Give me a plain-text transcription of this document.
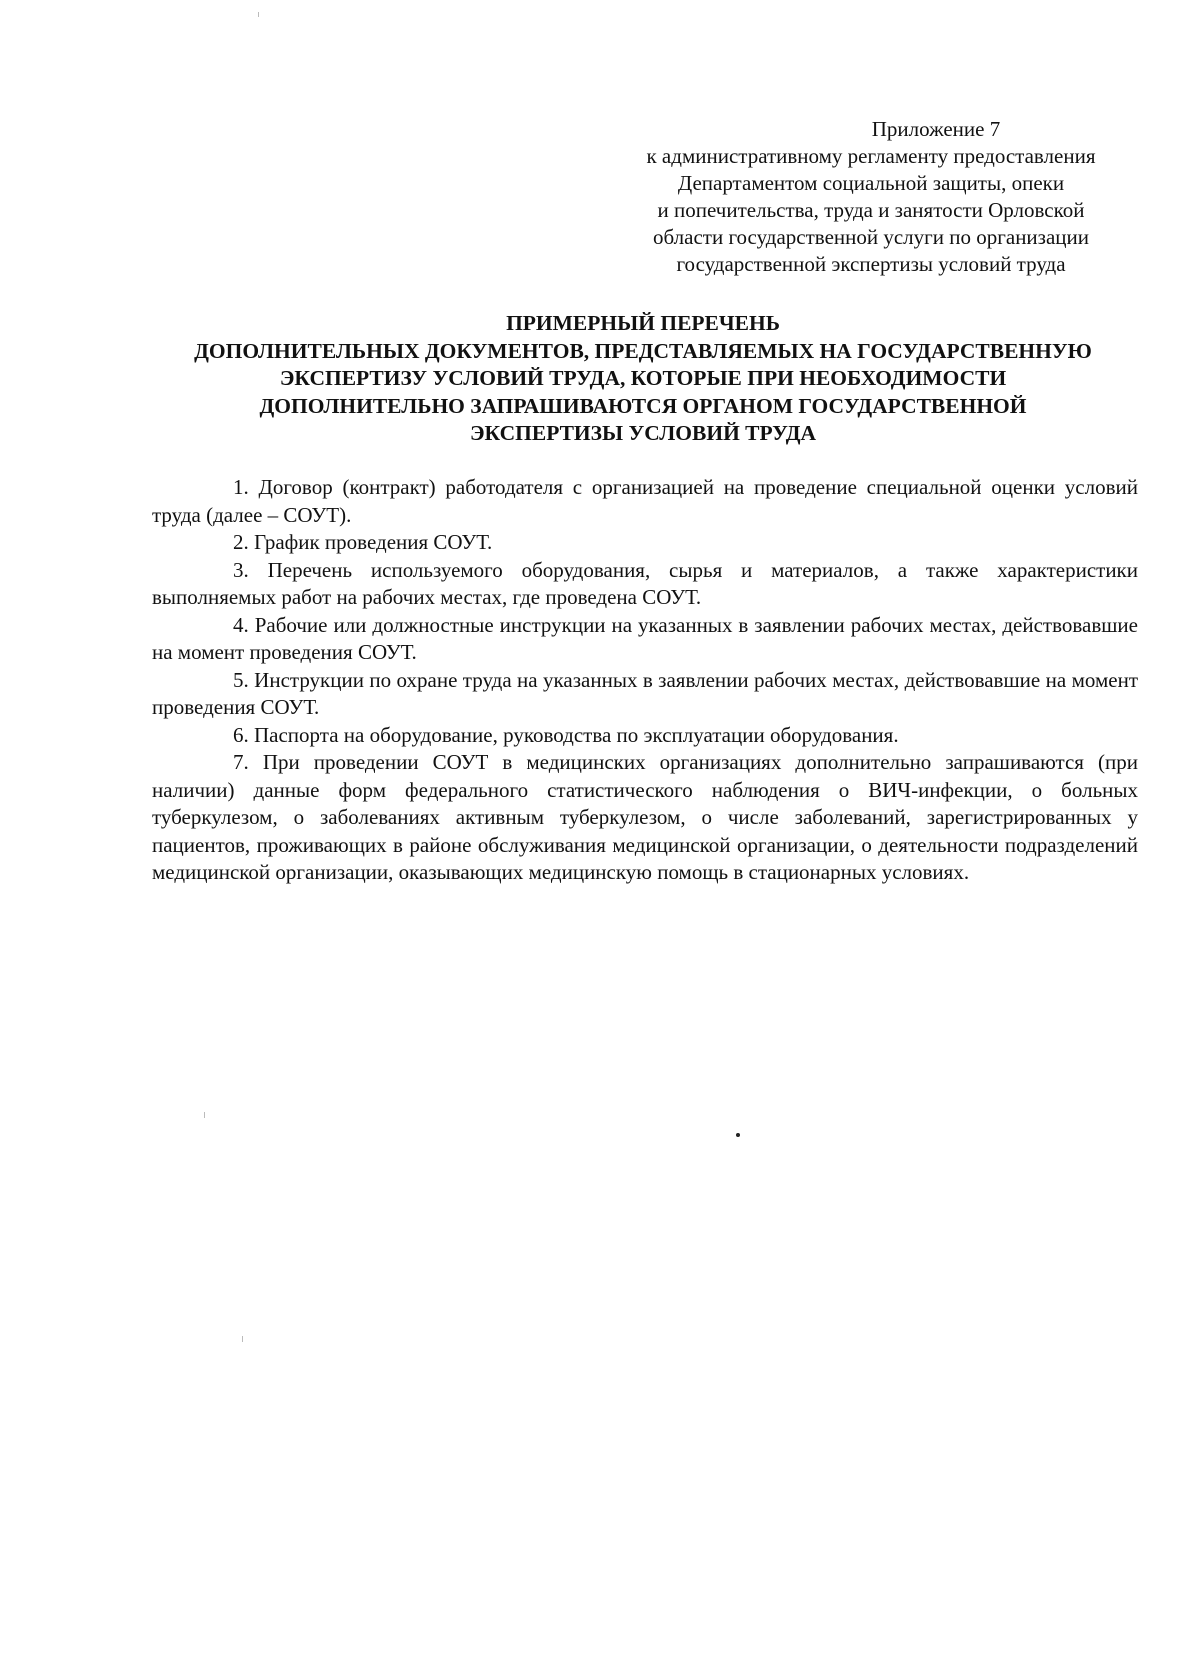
Приложение 7
к административному регламенту предоставления
Департаментом социальной защиты, опеки
и попечительства, труда и занятости Орловской
области государственной услуги по организации
государственной экспертизы условий труда
ПРИМЕРНЫЙ ПЕРЕЧЕНЬ
ДОПОЛНИТЕЛЬНЫХ ДОКУМЕНТОВ, ПРЕДСТАВЛЯЕМЫХ НА ГОСУДАРСТВЕННУЮ
ЭКСПЕРТИЗУ УСЛОВИЙ ТРУДА, КОТОРЫЕ ПРИ НЕОБХОДИМОСТИ
ДОПОЛНИТЕЛЬНО ЗАПРАШИВАЮТСЯ ОРГАНОМ ГОСУДАРСТВЕННОЙ
ЭКСПЕРТИЗЫ УСЛОВИЙ ТРУДА

1. Договор (контракт) работодателя с организацией на проведение специальной оценки условий труда (далее – СОУТ).

2. График проведения СОУТ.

3. Перечень используемого оборудования, сырья и материалов, а также характеристики выполняемых работ на рабочих местах, где проведена СОУТ.

4. Рабочие или должностные инструкции на указанных в заявлении рабочих местах, действовавшие на момент проведения СОУТ.

5. Инструкции по охране труда на указанных в заявлении рабочих местах, действовавшие на момент проведения СОУТ.

6. Паспорта на оборудование, руководства по эксплуатации оборудования.

7. При проведении СОУТ в медицинских организациях дополнительно запрашиваются (при наличии) данные форм федерального статистического наблюдения о ВИЧ-инфекции, о больных туберкулезом, о заболеваниях активным туберкулезом, о числе заболеваний, зарегистрированных у пациентов, проживающих в районе обслуживания медицинской организации, о деятельности подразделений медицинской организации, оказывающих медицинскую помощь в стационарных условиях.
